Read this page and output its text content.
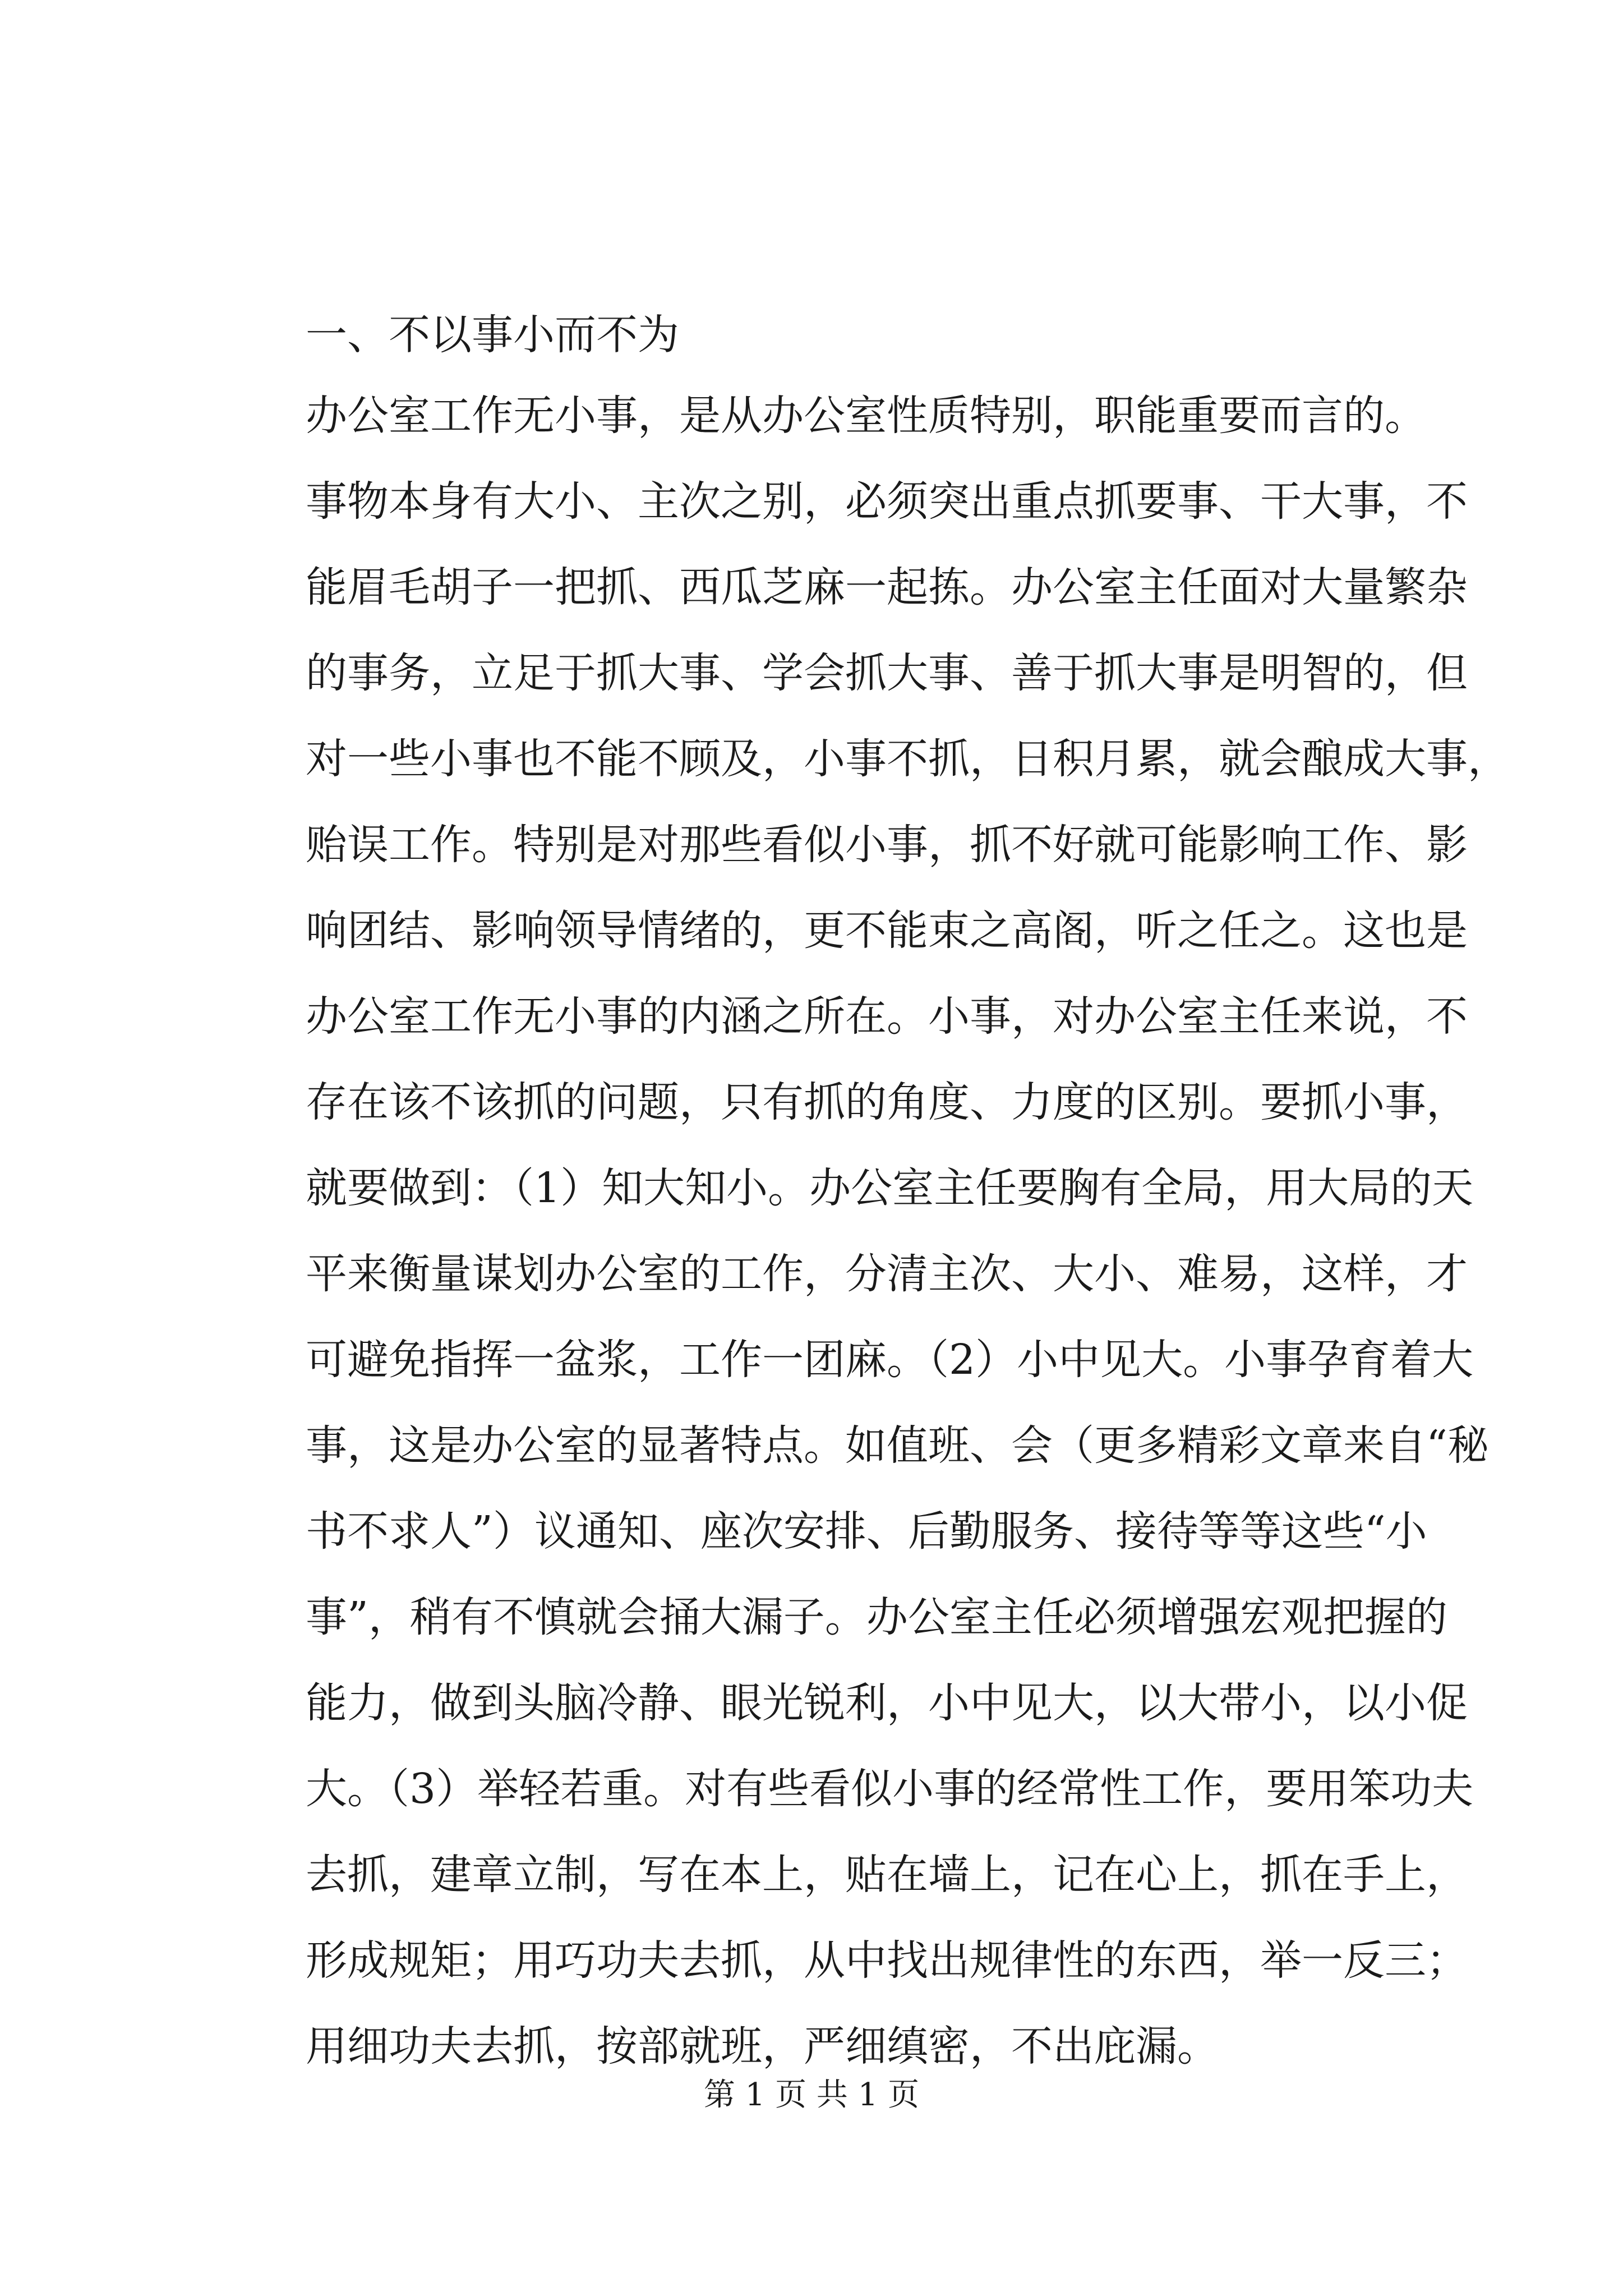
一、不以事小而不为

办公室工作无小事，是从办公室性质特别，职能重要而言的。
事物本身有大小、主次之别，必须突出重点抓要事、干大事，不
能眉毛胡子一把抓、西瓜芝麻一起拣。办公室主任面对大量繁杂
的事务，立足于抓大事、学会抓大事、善于抓大事是明智的，但
对一些小事也不能不顾及，小事不抓，日积月累，就会酿成大事，
贻误工作。特别是对那些看似小事，抓不好就可能影响工作、影
响团结、影响领导情绪的，更不能束之高阁，听之任之。这也是
办公室工作无小事的内涵之所在。小事，对办公室主任来说，不
存在该不该抓的问题，只有抓的角度、力度的区别。要抓小事，
就要做到：（1）知大知小。办公室主任要胸有全局，用大局的天
平来衡量谋划办公室的工作，分清主次、大小、难易，这样，才
可避免指挥一盆浆，工作一团麻。（2）小中见大。小事孕育着大
事，这是办公室的显著特点。如值班、会（更多精彩文章来自“秘
书不求人”）议通知、座次安排、后勤服务、接待等等这些“小
事”，稍有不慎就会捅大漏子。办公室主任必须增强宏观把握的
能力，做到头脑冷静、眼光锐利，小中见大，以大带小，以小促
大。（3）举轻若重。对有些看似小事的经常性工作，要用笨功夫
去抓，建章立制，写在本上，贴在墙上，记在心上，抓在手上，
形成规矩；用巧功夫去抓，从中找出规律性的东西，举一反三；
用细功夫去抓，按部就班，严细缜密，不出庇漏。
第 1 页 共 1 页
